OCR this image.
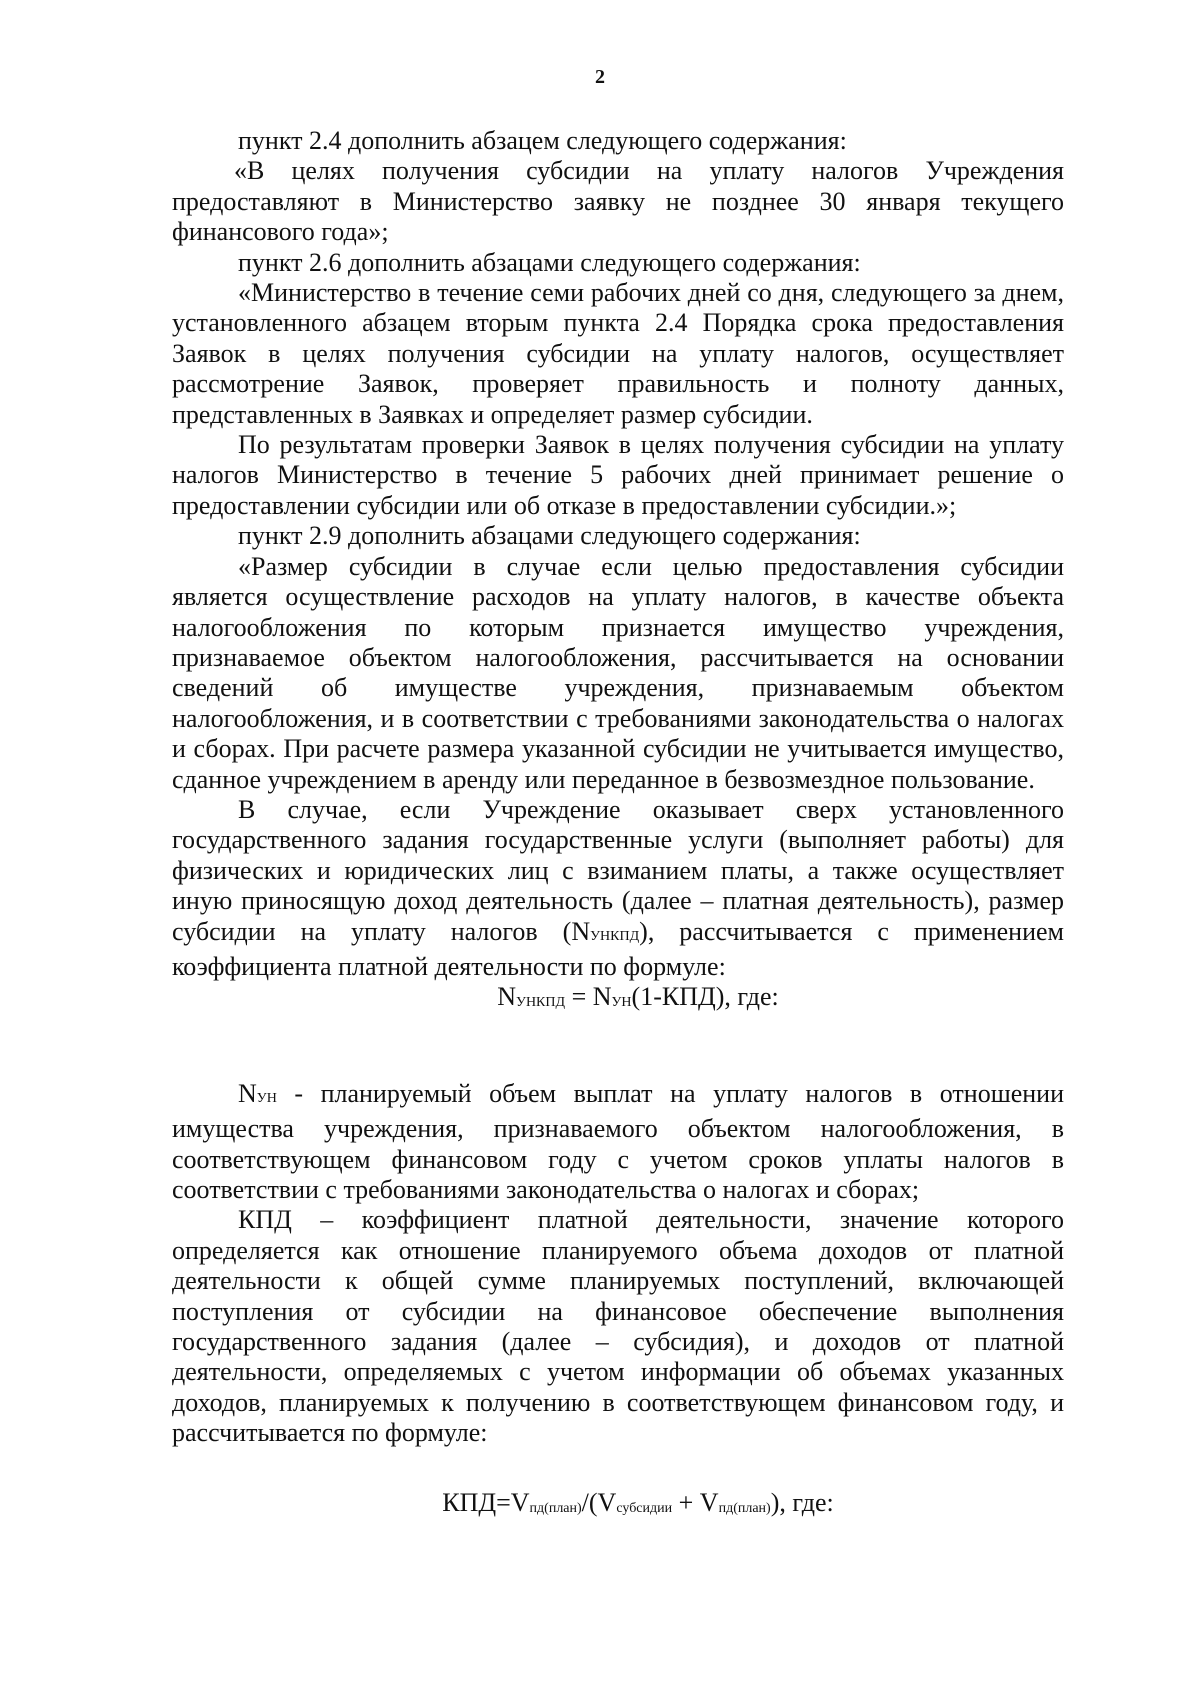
2

пункт 2.4 дополнить абзацем следующего содержания:

«В целях получения субсидии на уплату налогов Учреждения предоставляют в Министерство заявку не позднее 30 января текущего финансового года»;

пункт 2.6 дополнить абзацами следующего содержания:

«Министерство в течение семи рабочих дней со дня, следующего за днем, установленного абзацем вторым пункта 2.4 Порядка срока предоставления Заявок в целях получения субсидии на уплату налогов, осуществляет рассмотрение Заявок, проверяет правильность и полноту данных, представленных в Заявках и определяет размер субсидии.

По результатам проверки Заявок в целях получения субсидии на уплату налогов Министерство в течение 5 рабочих дней принимает решение о предоставлении субсидии или об отказе в предоставлении субсидии.»;

пункт 2.9 дополнить абзацами следующего содержания:

«Размер субсидии в случае если целью предоставления субсидии является осуществление расходов на уплату налогов, в качестве объекта налогообложения по которым признается имущество учреждения, признаваемое объектом налогообложения, рассчитывается на основании сведений об имуществе учреждения, признаваемым объектом налогообложения, и в соответствии с требованиями законодательства о налогах и сборах. При расчете размера указанной субсидии не учитывается имущество, сданное учреждением в аренду или переданное в безвозмездное пользование.

В случае, если Учреждение оказывает сверх установленного государственного задания государственные услуги (выполняет работы) для физических и юридических лиц с взиманием платы, а также осуществляет иную приносящую доход деятельность (далее – платная деятельность), размер субсидии на уплату налогов (NУНКПД), рассчитывается с применением коэффициента платной деятельности по формуле:

$N_{УНКПД} = N_{УН}(1-КПД)$, где:

NУН - планируемый объем выплат на уплату налогов в отношении имущества учреждения, признаваемого объектом налогообложения, в соответствующем финансовом году с учетом сроков уплаты налогов в соответствии с требованиями законодательства о налогах и сборах;

КПД – коэффициент платной деятельности, значение которого определяется как отношение планируемого объема доходов от платной деятельности к общей сумме планируемых поступлений, включающей поступления от субсидии на финансовое обеспечение выполнения государственного задания (далее – субсидия), и доходов от платной деятельности, определяемых с учетом информации об объемах указанных доходов, планируемых к получению в соответствующем финансовом году, и рассчитывается по формуле:

$КПД=V_{пд(план)}/(V_{субсидии} + V_{пд(план)})$, где:
